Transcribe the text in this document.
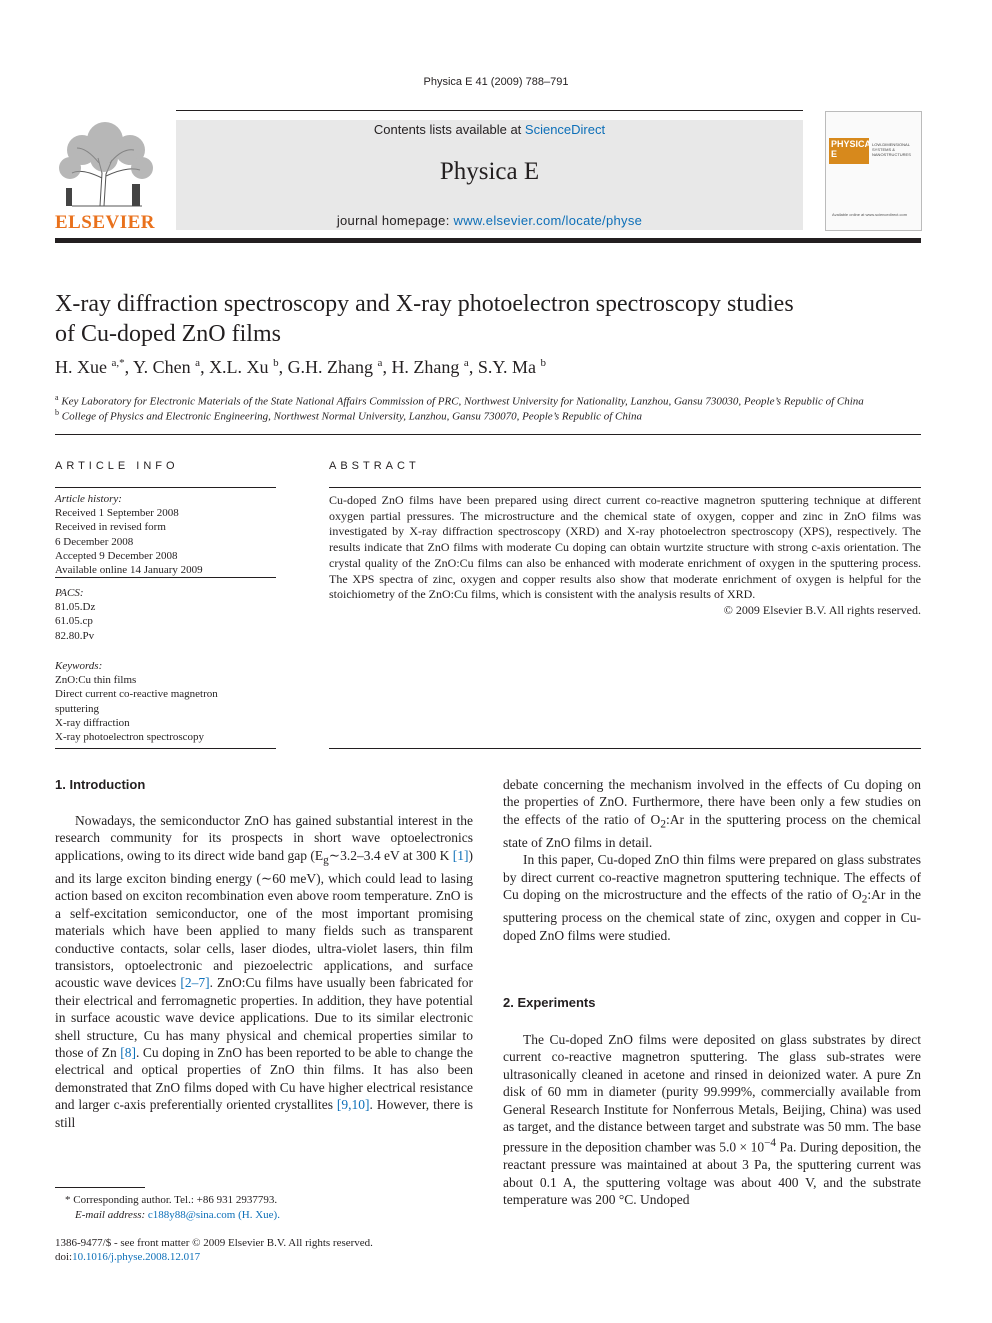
Physica E 41 (2009) 788–791
ELSEVIER
Contents lists available at ScienceDirect
Physica E
journal homepage: www.elsevier.com/locate/physe
PHYSICA E
LOW-DIMENSIONAL SYSTEMS & NANOSTRUCTURES
Available online at www.sciencedirect.com
X-ray diffraction spectroscopy and X-ray photoelectron spectroscopy studies
of Cu-doped ZnO films
H. Xue $^{a,*}$, Y. Chen $^a$, X.L. Xu $^b$, G.H. Zhang $^a$, H. Zhang $^a$, S.Y. Ma $^b$
$^a$ Key Laboratory for Electronic Materials of the State National Affairs Commission of PRC, Northwest University for Nationality, Lanzhou, Gansu 730030, People’s Republic of China
$^b$ College of Physics and Electronic Engineering, Northwest Normal University, Lanzhou, Gansu 730070, People’s Republic of China
ARTICLE INFO
Article history:
Received 1 September 2008
Received in revised form
6 December 2008
Accepted 9 December 2008
Available online 14 January 2009
PACS:
81.05.Dz
61.05.cp
82.80.Pv
Keywords:
ZnO:Cu thin films
Direct current co-reactive magnetron
sputtering
X-ray diffraction
X-ray photoelectron spectroscopy
ABSTRACT
Cu-doped ZnO films have been prepared using direct current co-reactive magnetron sputtering technique at different oxygen partial pressures. The microstructure and the chemical state of oxygen, copper and zinc in ZnO films was investigated by X-ray diffraction spectroscopy (XRD) and X-ray photoelectron spectroscopy (XPS), respectively. The results indicate that ZnO films with moderate Cu doping can obtain wurtzite structure with strong c-axis orientation. The crystal quality of the ZnO:Cu films can also be enhanced with moderate enrichment of oxygen in the sputtering process. The XPS spectra of zinc, oxygen and copper results also show that moderate enrichment of oxygen is helpful for the stoichiometry of the ZnO:Cu films, which is consistent with the analysis results of XRD.
© 2009 Elsevier B.V. All rights reserved.
1. Introduction

Nowadays, the semiconductor ZnO has gained substantial interest in the research community for its prospects in short wave optoelectronics applications, owing to its direct wide band gap ($E_g\sim 3.2-3.4$ eV at 300 K [1]) and its large exciton binding energy (∼60 meV), which could lead to lasing action based on exciton recombination even above room temperature. ZnO is a self-excitation semiconductor, one of the most important promising materials which have been applied to many fields such as transparent conductive contacts, solar cells, laser diodes, ultra-violet lasers, thin film transistors, optoelectronic and piezoelectric applications, and surface acoustic wave devices [2–7]. ZnO:Cu films have usually been fabricated for their electrical and ferromagnetic properties. In addition, they have potential in surface acoustic wave device applications. Due to its similar electronic shell structure, Cu has many physical and chemical properties similar to those of Zn [8]. Cu doping in ZnO has been reported to be able to change the electrical and optical properties of ZnO thin films. It has also been demonstrated that ZnO films doped with Cu have higher electrical resistance and larger c-axis preferentially oriented crystallites [9,10]. However, there is still

debate concerning the mechanism involved in the effects of Cu doping on the properties of ZnO. Furthermore, there have been only a few studies on the effects of the ratio of $O_2:Ar$ in the sputtering process on the chemical state of ZnO films in detail.

In this paper, Cu-doped ZnO thin films were prepared on glass substrates by direct current co-reactive magnetron sputtering technique. The effects of Cu doping on the microstructure and the effects of the ratio of $O_2:Ar$ in the sputtering process on the chemical state of zinc, oxygen and copper in Cu-doped ZnO films were studied.

2. Experiments

The Cu-doped ZnO films were deposited on glass substrates by direct current co-reactive magnetron sputtering. The glass sub-strates were ultrasonically cleaned in acetone and rinsed in deionized water. A pure Zn disk of 60 mm in diameter (purity 99.999%, commercially available from General Research Institute for Nonferrous Metals, Beijing, China) was used as target, and the distance between target and substrate was 50 mm. The base pressure in the deposition chamber was $5.0 \times 10^{-4}$ Pa. During deposition, the reactant pressure was maintained at about 3 Pa, the sputtering current was about 0.1 A, the sputtering voltage was about 400 V, and the substrate temperature was 200 °C. Undoped

* Corresponding author. Tel.: +86 931 2937793.
E-mail address: c188y88@sina.com (H. Xue).
1386-9477/$ - see front matter © 2009 Elsevier B.V. All rights reserved.
doi:10.1016/j.physe.2008.12.017
